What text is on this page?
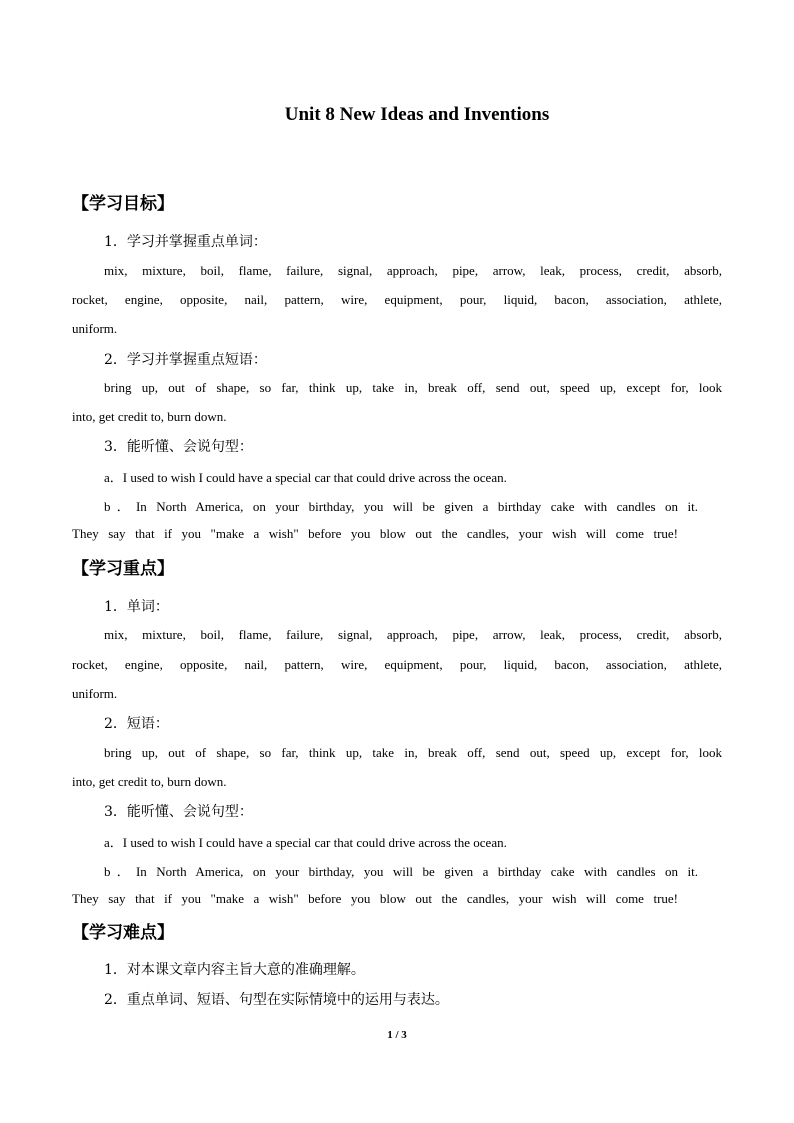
Unit 8 New Ideas and Inventions
【学习目标】
1．学习并掌握重点单词：
mix, mixture, boil, flame, failure, signal, approach, pipe, arrow, leak, process, credit, absorb,
rocket, engine, opposite, nail, pattern, wire, equipment, pour, liquid, bacon, association, athlete,
uniform.
2．学习并掌握重点短语：
bring up, out of shape, so far, think up, take in, break off, send out, speed up, except for, look
into, get credit to, burn down.
3．能听懂、会说句型：
a．I used to wish I could have a special car that could drive across the ocean.
b．In North America, on your birthday, you will be given a birthday cake with candles on it.
They say that if you "make a wish" before you blow out the candles, your wish will come true!
【学习重点】
1．单词：
mix, mixture, boil, flame, failure, signal, approach, pipe, arrow, leak, process, credit, absorb,
rocket, engine, opposite, nail, pattern, wire, equipment, pour, liquid, bacon, association, athlete,
uniform.
2．短语：
bring up, out of shape, so far, think up, take in, break off, send out, speed up, except for, look
into, get credit to, burn down.
3．能听懂、会说句型：
a．I used to wish I could have a special car that could drive across the ocean.
b．In North America, on your birthday, you will be given a birthday cake with candles on it.
They say that if you "make a wish" before you blow out the candles, your wish will come true!
【学习难点】
1．对本课文章内容主旨大意的准确理解。
2．重点单词、短语、句型在实际情境中的运用与表达。
1 / 3
